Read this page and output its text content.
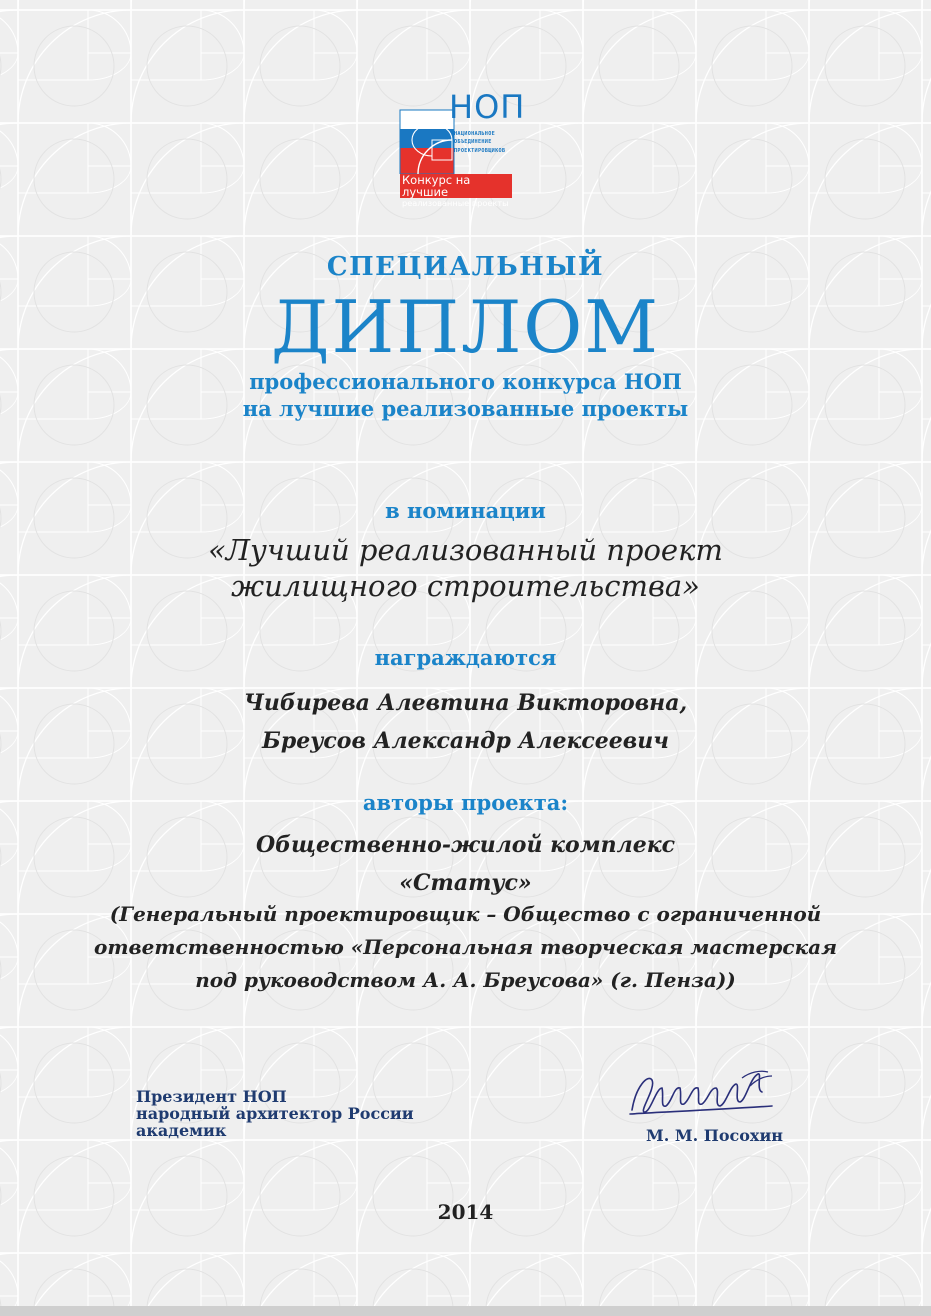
НОП
НАЦИОНАЛЬНОЕ
ОБЪЕДИНЕНИЕ
ПРОЕКТИРОВЩИКОВ
Конкурс на лучшие
реализованные проекты
СПЕЦИАЛЬНЫЙ
ДИПЛОМ
профессионального конкурса НОП
на лучшие реализованные проекты
в номинации
«Лучший реализованный проект
жилищного строительства»
награждаются
Чибирева Алевтина Викторовна,
Бреусов Александр Алексеевич
авторы проекта:
Общественно-жилой комплекс
«Статус»
(Генеральный проектировщик – Общество с ограниченной
ответственностью «Персональная творческая мастерская
под руководством А. А. Бреусова» (г. Пенза))
Президент НОП
народный архитектор России
академик	М. М. Посохин
2014
